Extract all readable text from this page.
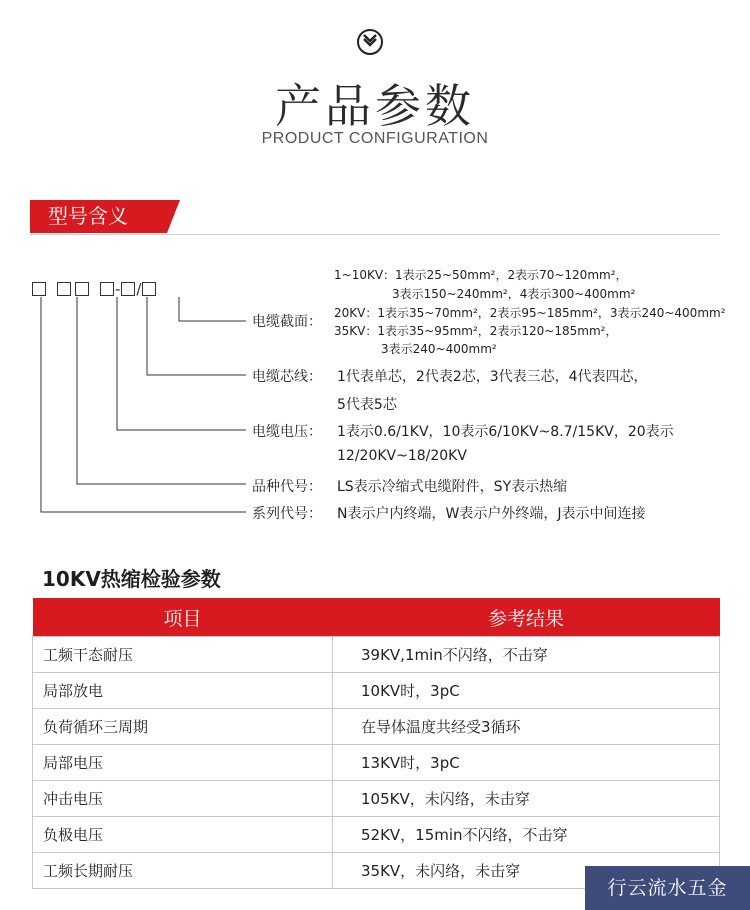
产品参数
PRODUCT CONFIGURATION
型号含义
- /
电缆截面：
1~10KV：1表示25~50mm²，2表示70~120mm²，
3表示150~240mm²，4表示300~400mm²
20KV：1表示35~70mm²，2表示95~185mm²，3表示240~400mm²
35KV：1表示35~95mm²，2表示120~185mm²，
3表示240~400mm²
电缆芯线： 1代表单芯，2代表2芯，3代表三芯，4代表四芯，
5代表5芯
电缆电压： 1表示0.6/1KV，10表示6/10KV~8.7/15KV，20表示
12/20KV~18/20KV
品种代号： LS表示冷缩式电缆附件，SY表示热缩
系列代号： N表示户内终端，W表示户外终端，J表示中间连接
10KV热缩检验参数
项目	参考结果
工频干态耐压	39KV,1min不闪络，不击穿
局部放电	10KV时，3pC
负荷循环三周期	在导体温度共经受3循环
局部电压	13KV时，3pC
冲击电压	105KV，未闪络，未击穿
负极电压	52KV，15min不闪络，不击穿
工频长期耐压	35KV，未闪络，未击穿
行云流水五金
